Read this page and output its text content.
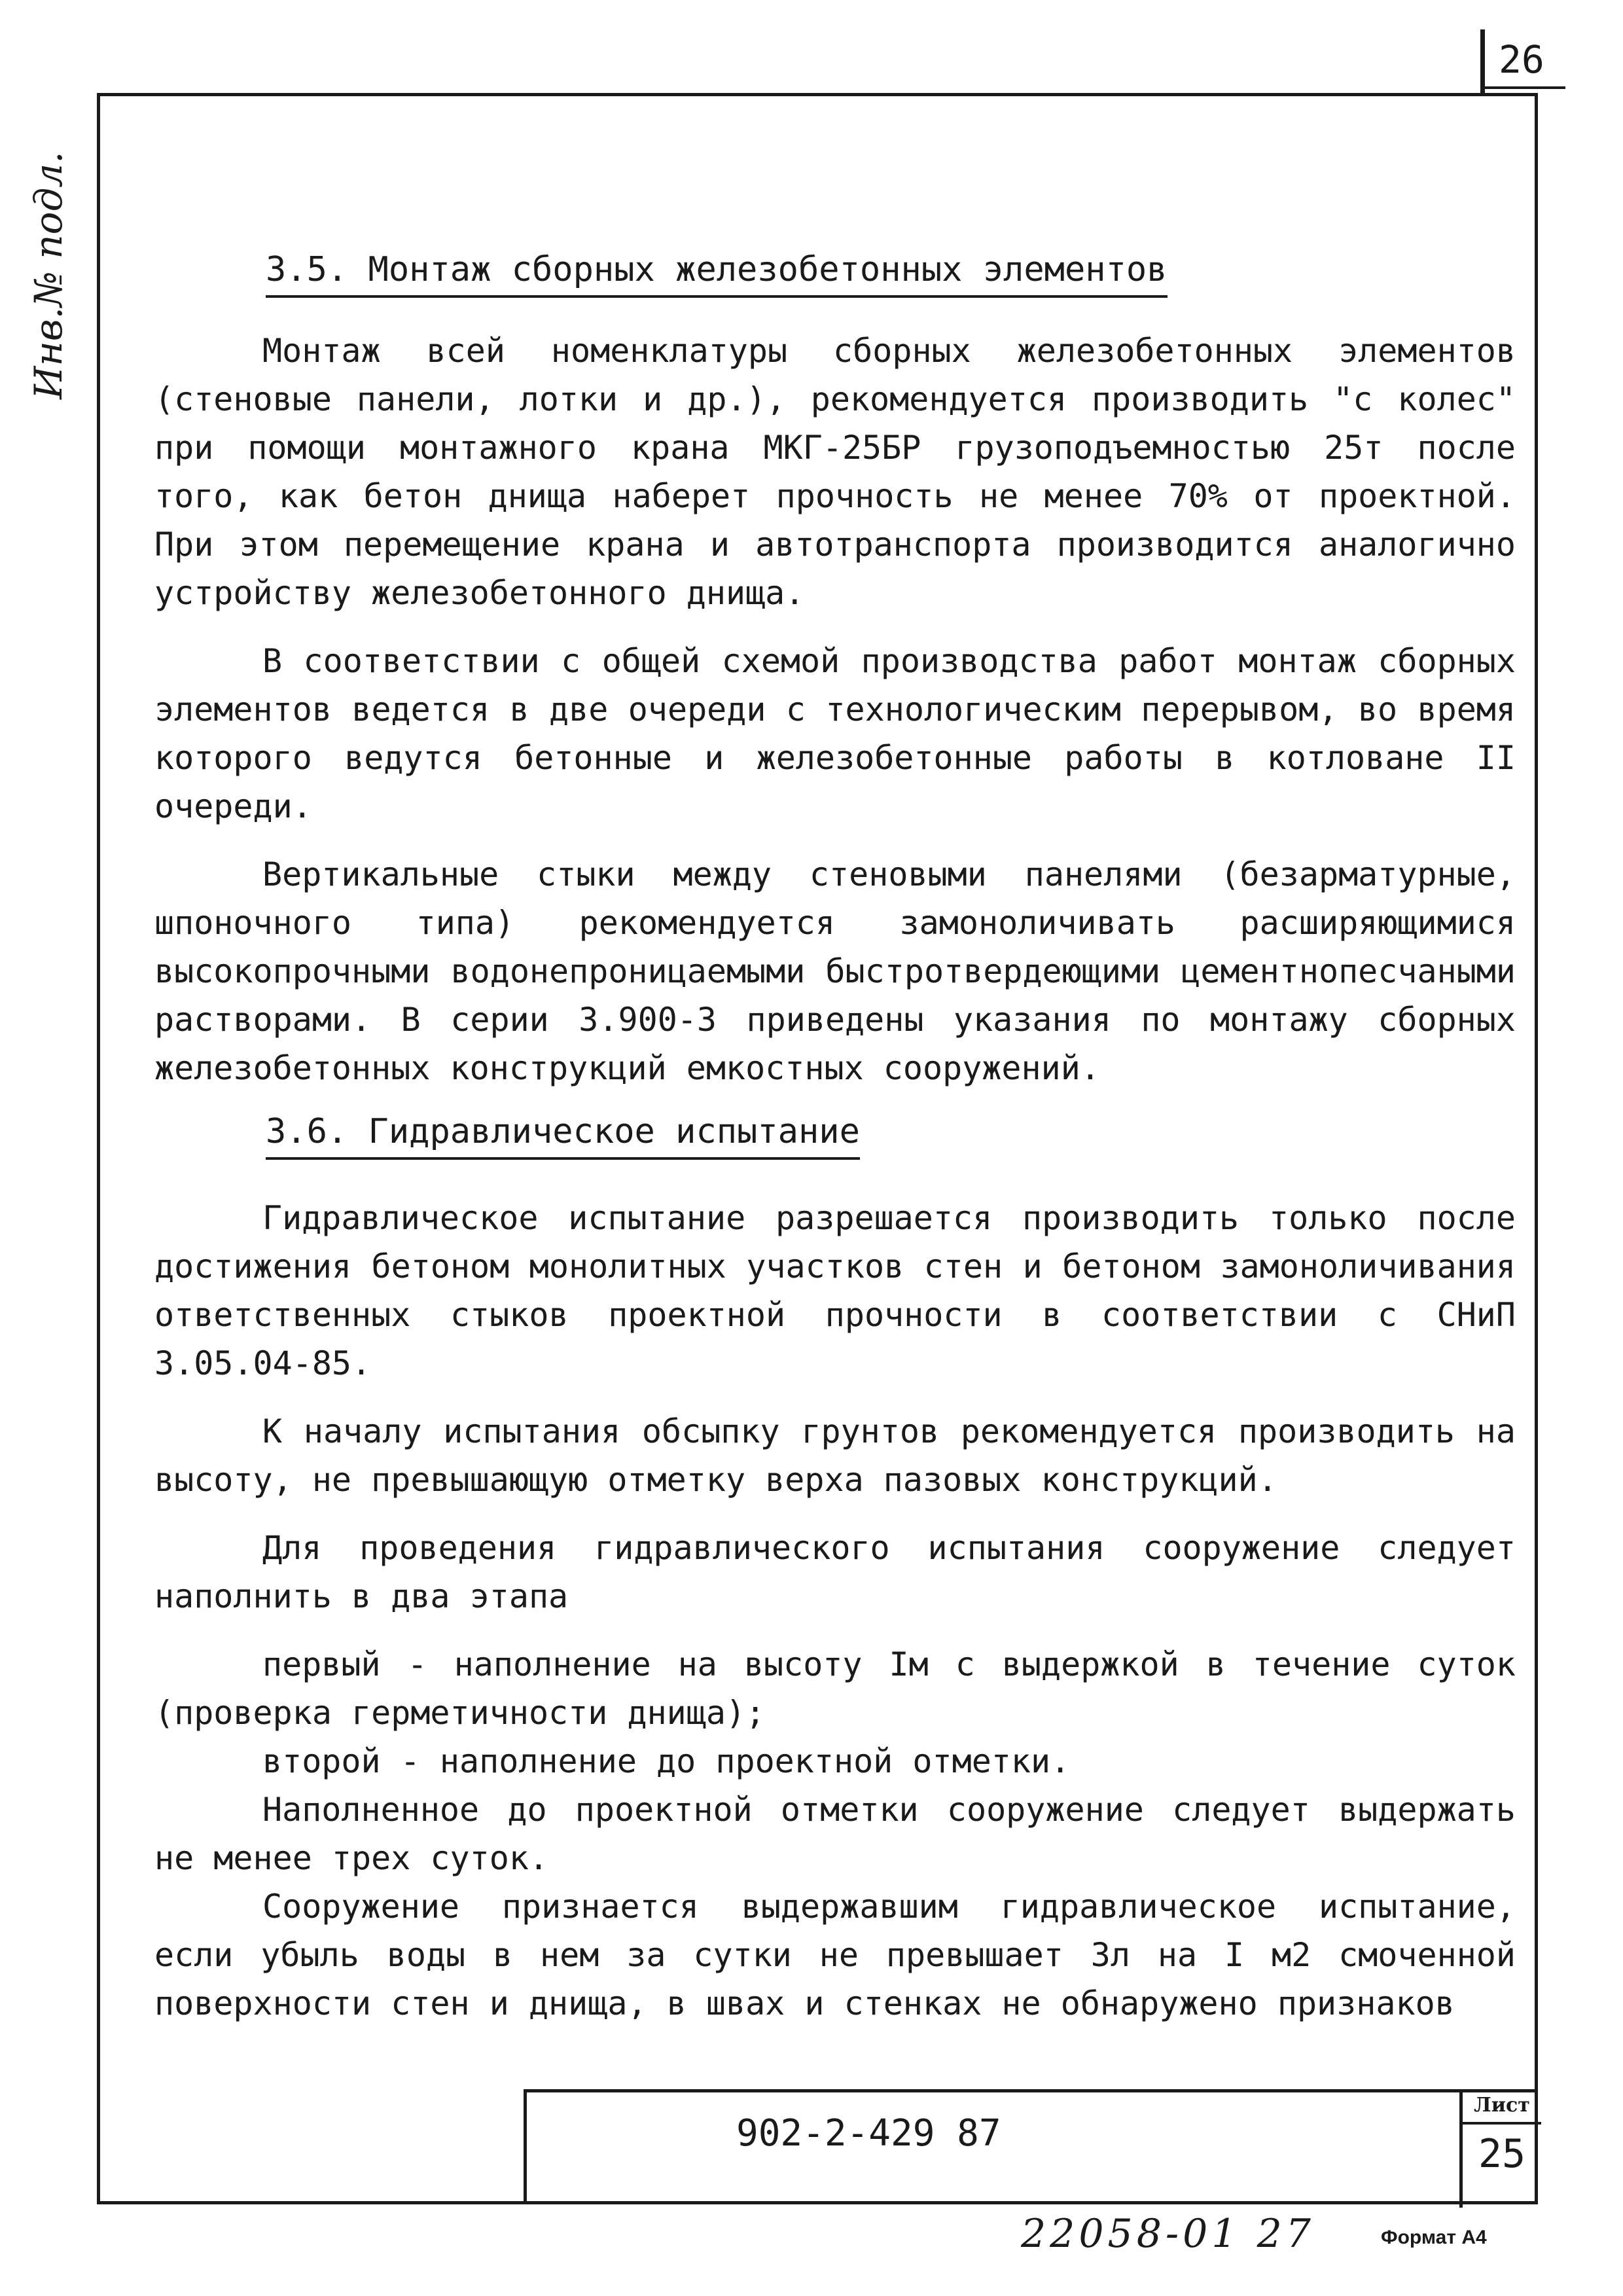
26
Инв.№ подл.	3.5. Монтаж сборных железобетонных элементов

Монтаж всей номенклатуры сборных железобетонных элементов (стеновые панели, лотки и др.), рекомендуется производить "с колес" при помощи монтажного крана МКГ-25БР грузоподъемностью 25т после того, как бетон днища наберет прочность не менее 70% от проектной. При этом перемещение крана и автотранспорта производится аналогично устройству железобетонного днища.

В соответствии с общей схемой производства работ монтаж сборных элементов ведется в две очереди с технологическим перерывом, во время которого ведутся бетонные и железобетонные работы в котловане II очереди.

Вертикальные стыки между стеновыми панелями (безарматурные, шпоночного типа) рекомендуется замоноличивать расширяющимися высокопрочными водонепроницаемыми быстротвердеющими цементнопесчаными растворами. В серии 3.900-3 приведены указания по монтажу сборных железобетонных конструкций емкостных сооружений.

3.6. Гидравлическое испытание

Гидравлическое испытание разрешается производить только после достижения бетоном монолитных участков стен и бетоном замоноличивания ответственных стыков проектной прочности в соответствии с СНиП 3.05.04-85.

К началу испытания обсыпку грунтов рекомендуется производить на высоту, не превышающую отметку верха пазовых конструкций.

Для проведения гидравлического испытания сооружение следует наполнить в два этапа

первый - наполнение на высоту Iм с выдержкой в течение суток (проверка герметичности днища);

второй - наполнение до проектной отметки.

Наполненное до проектной отметки сооружение следует выдержать не менее трех суток.

Сооружение признается выдержавшим гидравлическое испытание, если убыль воды в нем за сутки не превышает 3л на I м2 смоченной поверхности стен и днища, в швах и стенках не обнаружено признаков

902-2-429 87
Лист
25
22058-01 27	Формат А4
